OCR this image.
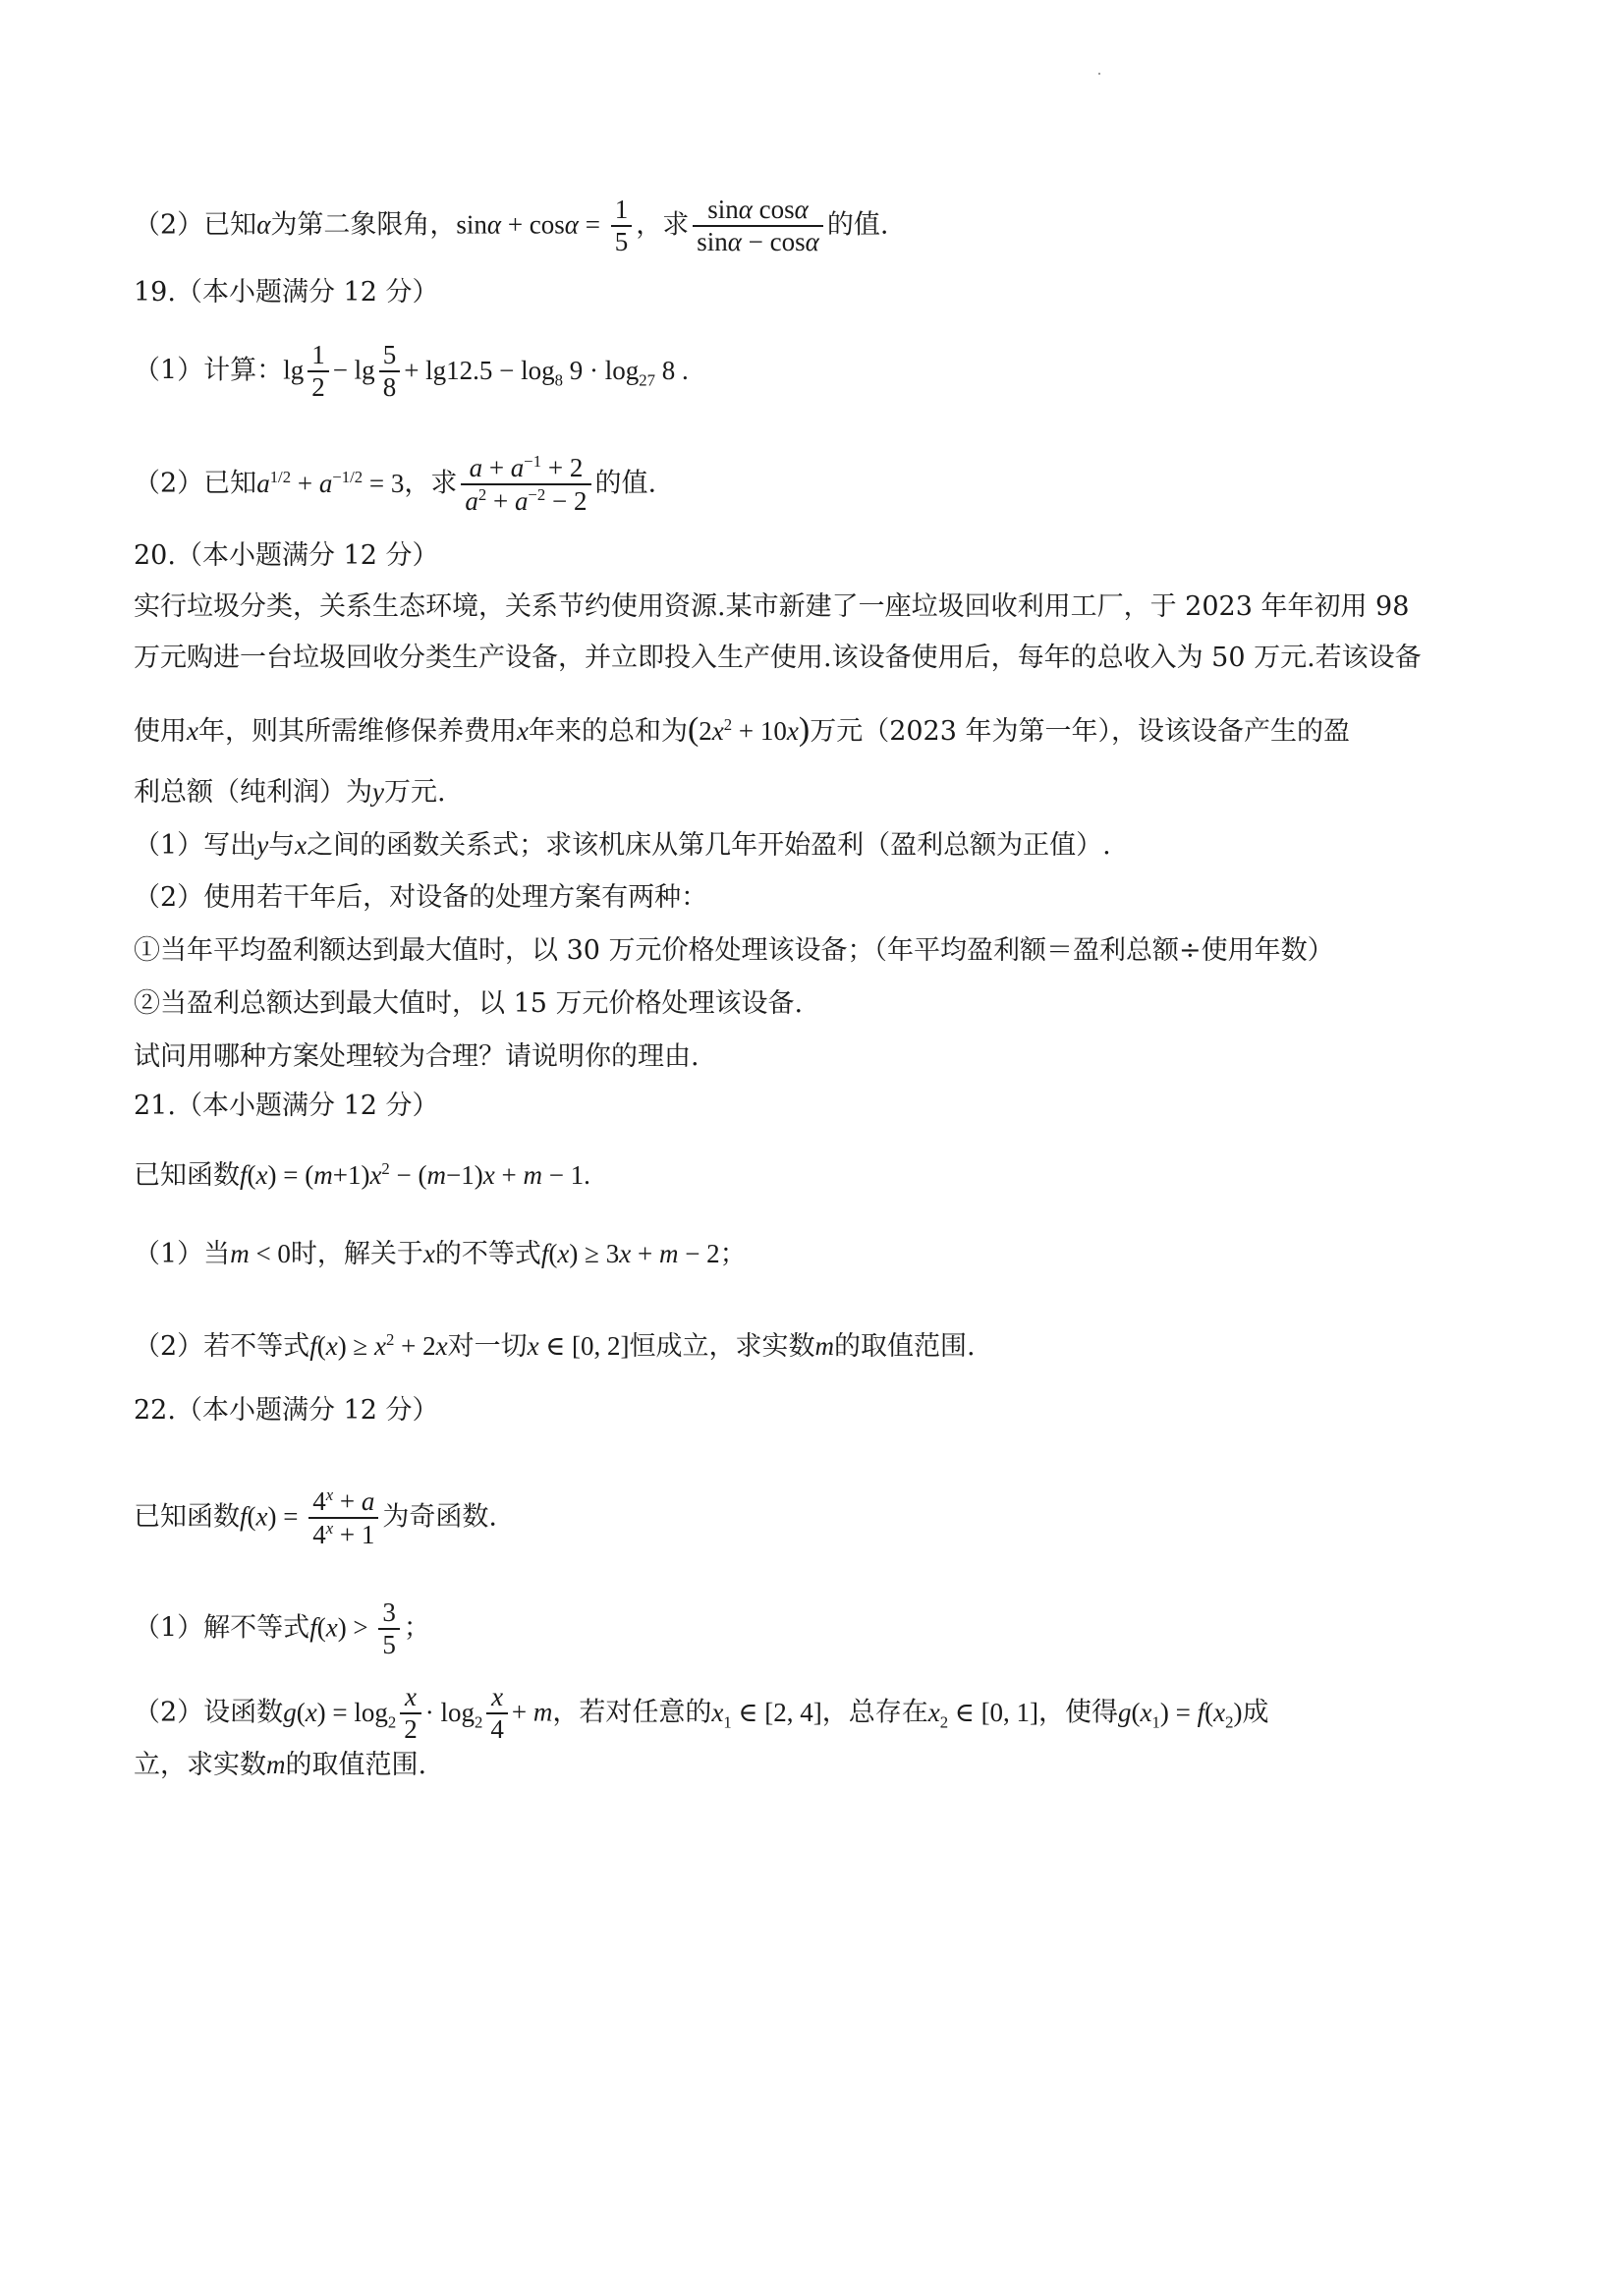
（2）已知α为第二象限角，$\sin\alpha + \cos\alpha = \frac{1}{5}$ ，求 $\frac{\text{sinα cosα}}{\sin\alpha - \cos\alpha}$ 的值.
19.（本小题满分 12 分）
（1）计算：$\lg \frac{1}{2} - \lg \frac{5}{8} + \lg 12.5 - \log_8 9 \cdot \log_{27} 8$ .
（2）已知$a^{1/2} + a^{-1/2} = 3$，求 $\frac{a + a^{-1} + 2}{a^2 + a^{-2} - 2}$ 的值.
20.（本小题满分 12 分）
实行垃圾分类，关系生态环境，关系节约使用资源.某市新建了一座垃圾回收利用工厂，于 2023 年年初用 98
万元购进一台垃圾回收分类生产设备，并立即投入生产使用.该设备使用后，每年的总收入为 50 万元.若该设备
使用x年，则其所需维修保养费用x年来的总和为$(2x^2 + 10x)$万元（2023 年为第一年），设该设备产生的盈
利总额（纯利润）为y万元.
（1）写出y与x之间的函数关系式；求该机床从第几年开始盈利（盈利总额为正值）.
（2）使用若干年后，对设备的处理方案有两种：
①当年平均盈利额达到最大值时，以 30 万元价格处理该设备；（年平均盈利额＝盈利总额÷使用年数）
②当盈利总额达到最大值时，以 15 万元价格处理该设备.
试问用哪种方案处理较为合理？请说明你的理由.
21.（本小题满分 12 分）
已知函数$f(x) = (m+1)x^2 - (m-1)x + m - 1$.
（1）当m < 0时，解关于x的不等式f(x) ≥ 3x + m − 2；
（2）若不等式$f(x) \ge x^2 + 2x$对一切x ∈ [0, 2]恒成立，求实数m的取值范围.
22.（本小题满分 12 分）
已知函数$f(x) = \frac{4^x + a}{4^x + 1}$ 为奇函数.
（1）解不等式$f(x) > \frac{3}{5}$ ；
（2）设函数$g(x) = \log_2 \frac{x}{2} \cdot \log_2 \frac{x}{4} + m$，若对任意的$x_1$ ∈ [2, 4]，总存在$x_2$ ∈ [0, 1]，使得$g(x_1) = f(x_2)$成
立，求实数m的取值范围.
